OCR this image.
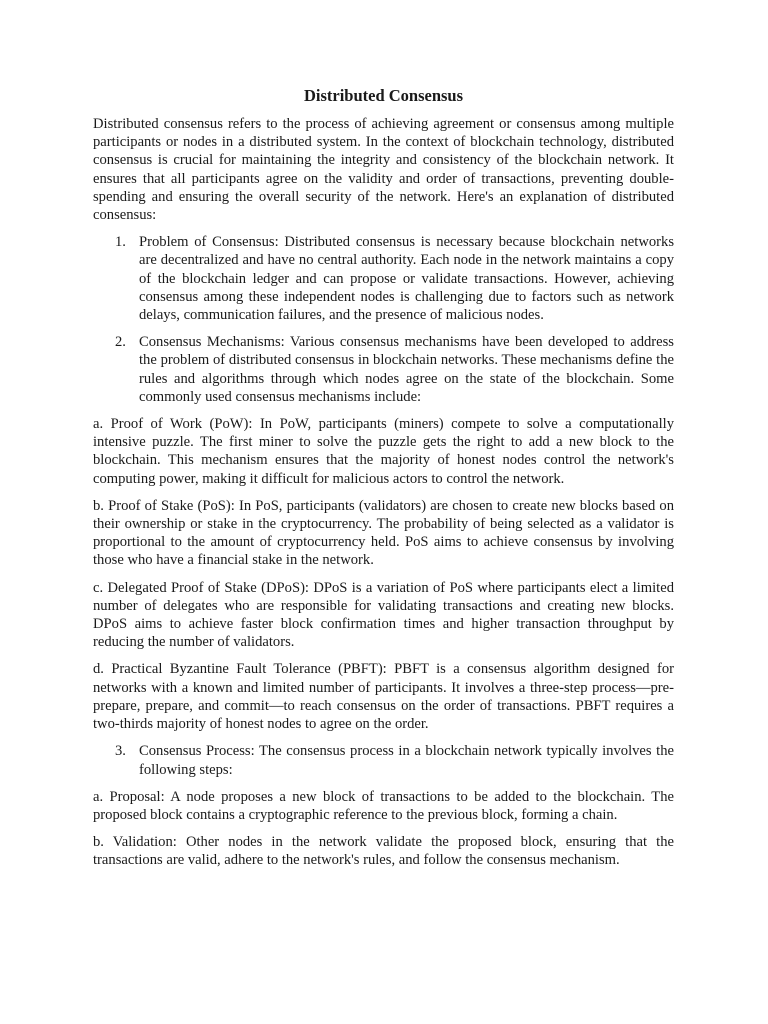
Distributed Consensus

Distributed consensus refers to the process of achieving agreement or consensus among multiple participants or nodes in a distributed system. In the context of blockchain technology, distributed consensus is crucial for maintaining the integrity and consistency of the blockchain network. It ensures that all participants agree on the validity and order of transactions, preventing double-spending and ensuring the overall security of the network. Here's an explanation of distributed consensus:

1. Problem of Consensus: Distributed consensus is necessary because blockchain networks are decentralized and have no central authority. Each node in the network maintains a copy of the blockchain ledger and can propose or validate transactions. However, achieving consensus among these independent nodes is challenging due to factors such as network delays, communication failures, and the presence of malicious nodes.
2. Consensus Mechanisms: Various consensus mechanisms have been developed to address the problem of distributed consensus in blockchain networks. These mechanisms define the rules and algorithms through which nodes agree on the state of the blockchain. Some commonly used consensus mechanisms include:

a. Proof of Work (PoW): In PoW, participants (miners) compete to solve a computationally intensive puzzle. The first miner to solve the puzzle gets the right to add a new block to the blockchain. This mechanism ensures that the majority of honest nodes control the network's computing power, making it difficult for malicious actors to control the network.

b. Proof of Stake (PoS): In PoS, participants (validators) are chosen to create new blocks based on their ownership or stake in the cryptocurrency. The probability of being selected as a validator is proportional to the amount of cryptocurrency held. PoS aims to achieve consensus by involving those who have a financial stake in the network.

c. Delegated Proof of Stake (DPoS): DPoS is a variation of PoS where participants elect a limited number of delegates who are responsible for validating transactions and creating new blocks. DPoS aims to achieve faster block confirmation times and higher transaction throughput by reducing the number of validators.

d. Practical Byzantine Fault Tolerance (PBFT): PBFT is a consensus algorithm designed for networks with a known and limited number of participants. It involves a three-step process—pre-prepare, prepare, and commit—to reach consensus on the order of transactions. PBFT requires a two-thirds majority of honest nodes to agree on the order.

3. Consensus Process: The consensus process in a blockchain network typically involves the following steps:

a. Proposal: A node proposes a new block of transactions to be added to the blockchain. The proposed block contains a cryptographic reference to the previous block, forming a chain.

b. Validation: Other nodes in the network validate the proposed block, ensuring that the transactions are valid, adhere to the network's rules, and follow the consensus mechanism.
